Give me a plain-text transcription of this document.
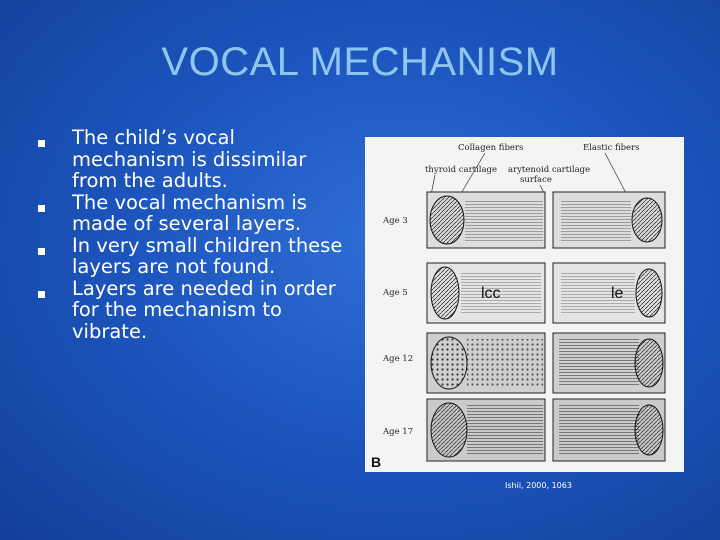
VOCAL MECHANISM
The child’s vocal mechanism is dissimilar from the adults.
The vocal mechanism is made of several layers.
In very small children these layers are not found.
Layers are needed in order for the mechanism to vibrate.
Collagen fibers	Elastic fibers
thyroid cartilage arytenoid cartilage
surface
Age 3
Age 5
Age 12
Age 17
lcc	le
B
Ishii, 2000, 1063
